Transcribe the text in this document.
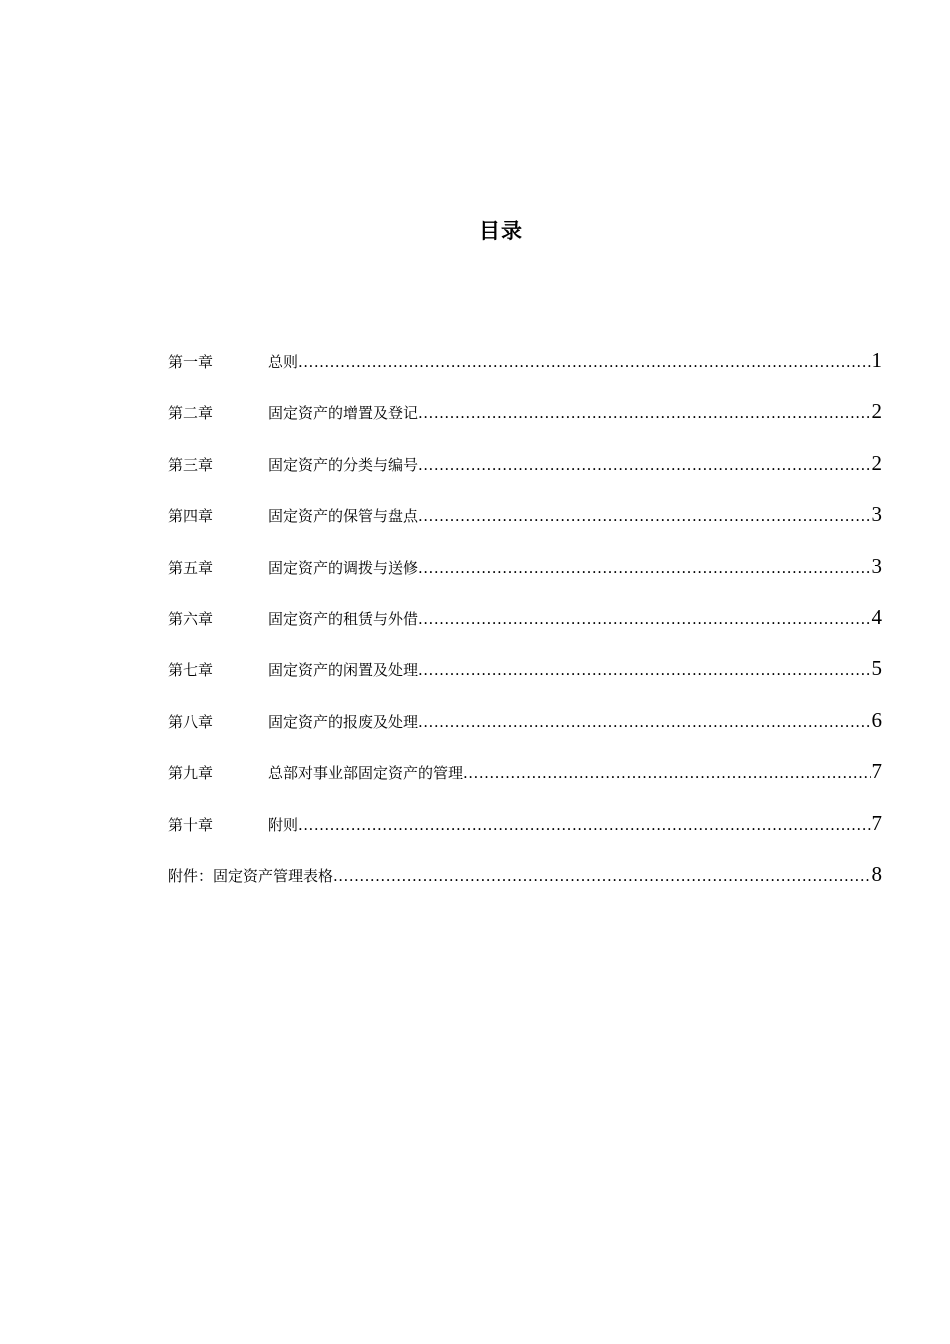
目录
第一章	总则 .....	1
第二章	固定资产的增置及登记 .....	2
第三章	固定资产的分类与编号 .....	2
第四章	固定资产的保管与盘点 .....	3
第五章	固定资产的调拨与送修 .....	3
第六章	固定资产的租赁与外借 .....	4
第七章	固定资产的闲置及处理 .....	5
第八章	固定资产的报废及处理 .....	6
第九章	总部对事业部固定资产的管理 .....	7
第十章	附则 .....	7
附件：固定资产管理表格 .....	8
